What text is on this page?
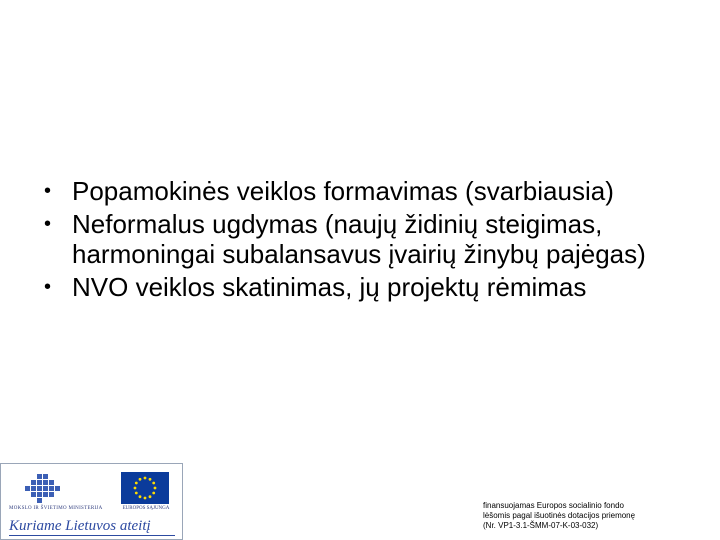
• Popamokinės veiklos formavimas (svarbiausia)
• Neformalus ugdymas (naujų židinių steigimas, harmoningai subalansavus įvairių žinybų pajėgas)
• NVO veiklos skatinimas, jų projektų rėmimas
MOKSLO IR ŠVIETIMO MINISTERIJA	EUROPOS SĄJUNGA
Kuriame Lietuvos ateitį
finansuojamas Europos socialinio fondo
lėšomis pagal išuotinės dotacijos priemonę
(Nr. VP1-3.1-ŠMM-07-K-03-032)
